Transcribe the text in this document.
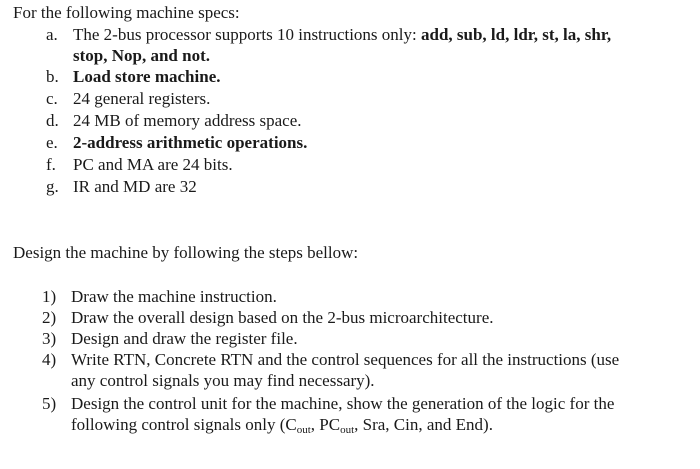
For the following machine specs:
a. The 2-bus processor supports 10 instructions only: add, sub, ld, ldr, st, la, shr,
stop, Nop, and not.
b. Load store machine.
c. 24 general registers.
d. 24 MB of memory address space.
e. 2-address arithmetic operations.
f. PC and MA are 24 bits.
g. IR and MD are 32
Design the machine by following the steps bellow:
1) Draw the machine instruction.
2) Draw the overall design based on the 2-bus microarchitecture.
3) Design and draw the register file.
4) Write RTN, Concrete RTN and the control sequences for all the instructions (use
any control signals you may find necessary).
5) Design the control unit for the machine, show the generation of the logic for the
following control signals only ($C_{out}$, $PC_{out}$, Sra, Cin, and End).
